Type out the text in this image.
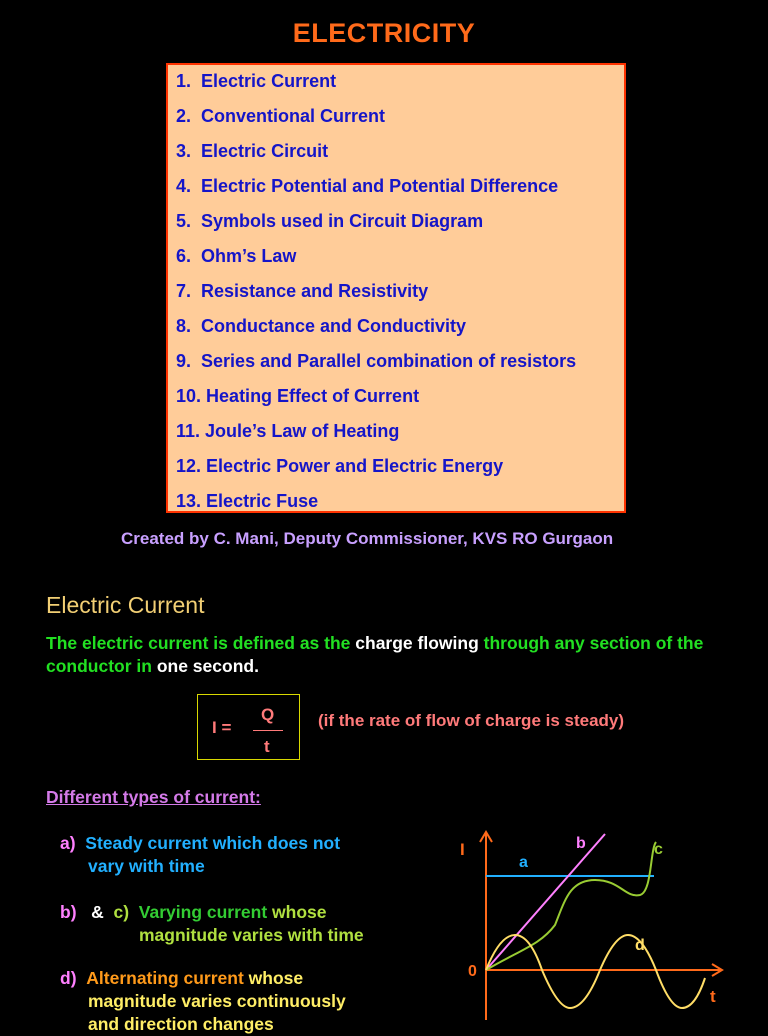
ELECTRICITY
1. Electric Current
2. Conventional Current
3. Electric Circuit
4. Electric Potential and Potential Difference
5. Symbols used in Circuit Diagram
6.  Ohm’s Law
7.  Resistance and Resistivity
8.  Conductance and Conductivity
9. Series and Parallel combination of resistors
10. Heating Effect of Current
11. Joule’s Law of Heating
12. Electric Power and Electric Energy
13. Electric Fuse
Created by C. Mani, Deputy Commissioner, KVS RO Gurgaon
Electric Current
The electric current is defined as the charge flowing through any section of the conductor in one second.
I =
Q
t
(if the rate of flow of charge is steady)
Different types of current:
a) Steady current which does not
vary with time
b) & c) Varying current whose
magnitude varies with time
d) Alternating current whose
magnitude varies continuously
and direction changes
I
t
0
a
b	c
d
